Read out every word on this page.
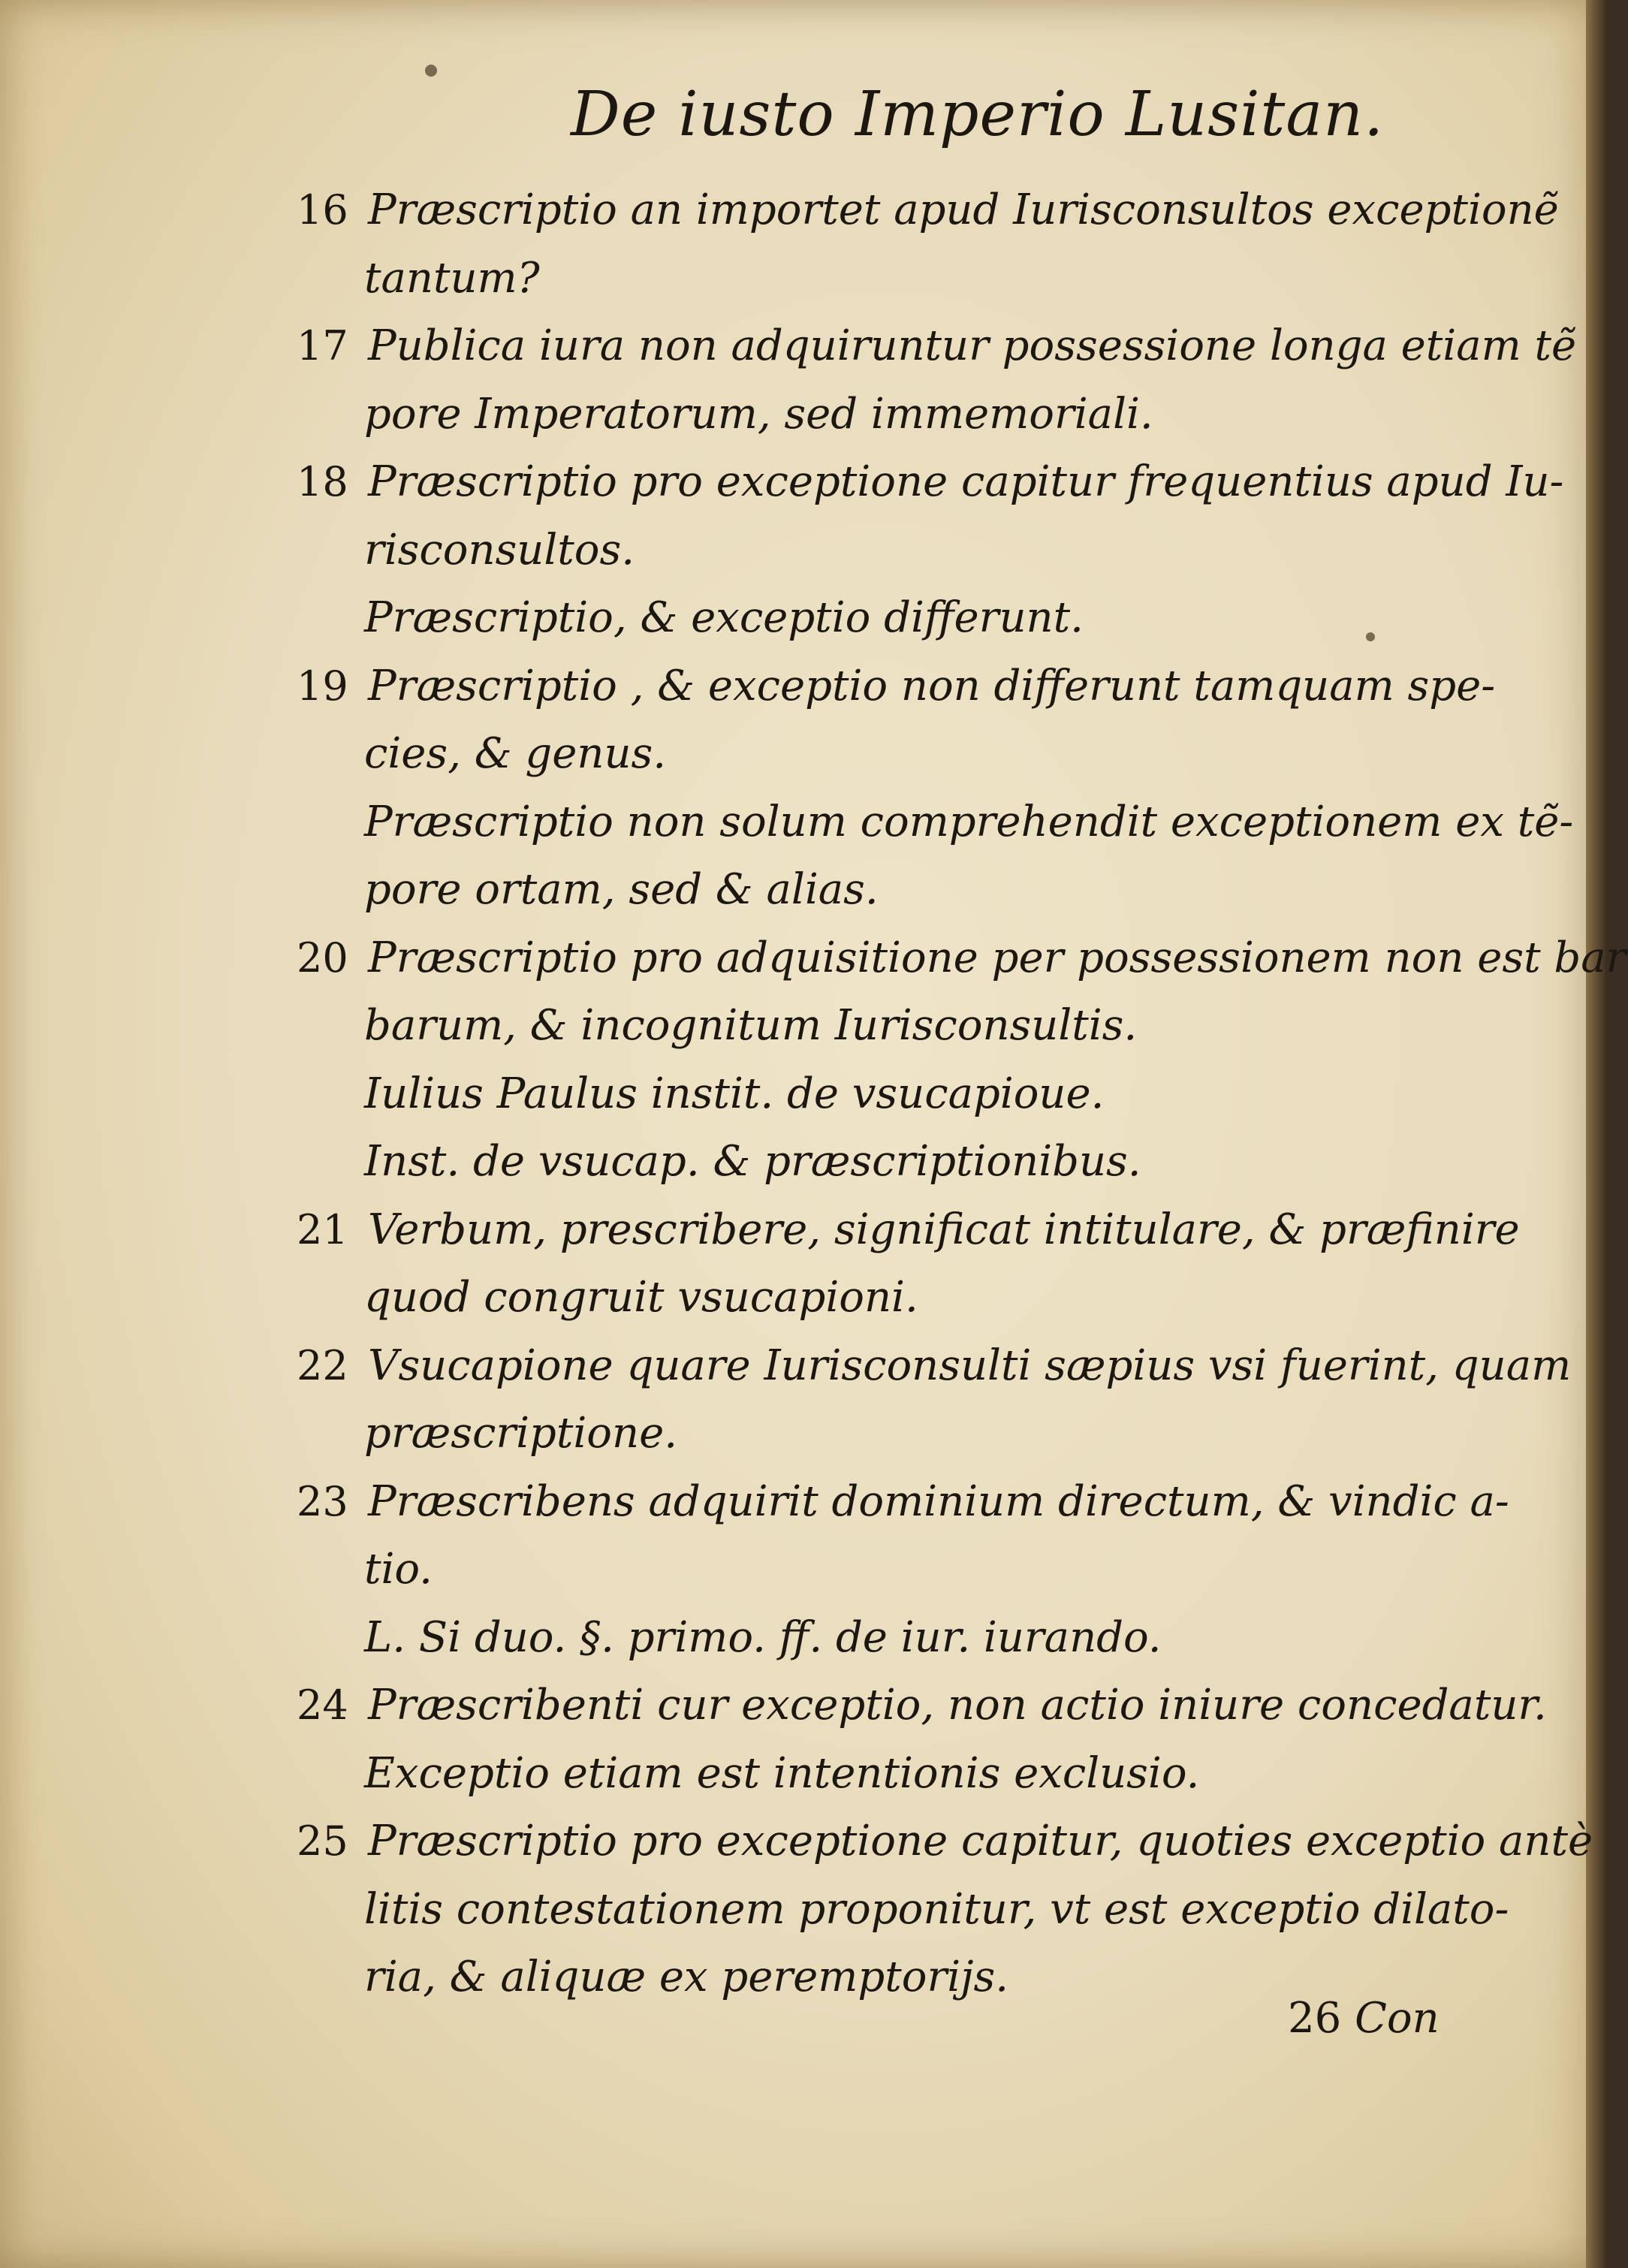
De iusto Imperio Lusitan.
16 Præscriptio an importet apud Iurisconsultos exceptionẽ
tantum?
17 Publica iura non adquiruntur possessione longa etiam tẽ
pore Imperatorum, sed immemoriali.
18 Præscriptio pro exceptione capitur frequentius apud Iu-
risconsultos.
Præscriptio, & exceptio differunt.
19 Præscriptio , & exceptio non differunt tamquam spe-
cies, & genus.
Præscriptio non solum comprehendit exceptionem ex tẽ-
pore ortam, sed & alias.
20 Præscriptio pro adquisitione per possessionem non est bar
barum, & incognitum Iurisconsultis.
Iulius Paulus instit. de vsucapioue.
Inst. de vsucap. & præscriptionibus.
21 Verbum, prescribere, significat intitulare, & præfinire
quod congruit vsucapioni.
22 Vsucapione quare Iurisconsulti sæpius vsi fuerint, quam
præscriptione.
23 Præscribens adquirit dominium directum, & vindic a-
tio.
L. Si duo. §. primo. ff. de iur. iurando.
24 Præscribenti cur exceptio, non actio iniure concedatur.
Exceptio etiam est intentionis exclusio.
25 Præscriptio pro exceptione capitur, quoties exceptio antè
litis contestationem proponitur, vt est exceptio dilato-
ria, & aliquæ ex peremptorijs.
26 Con
